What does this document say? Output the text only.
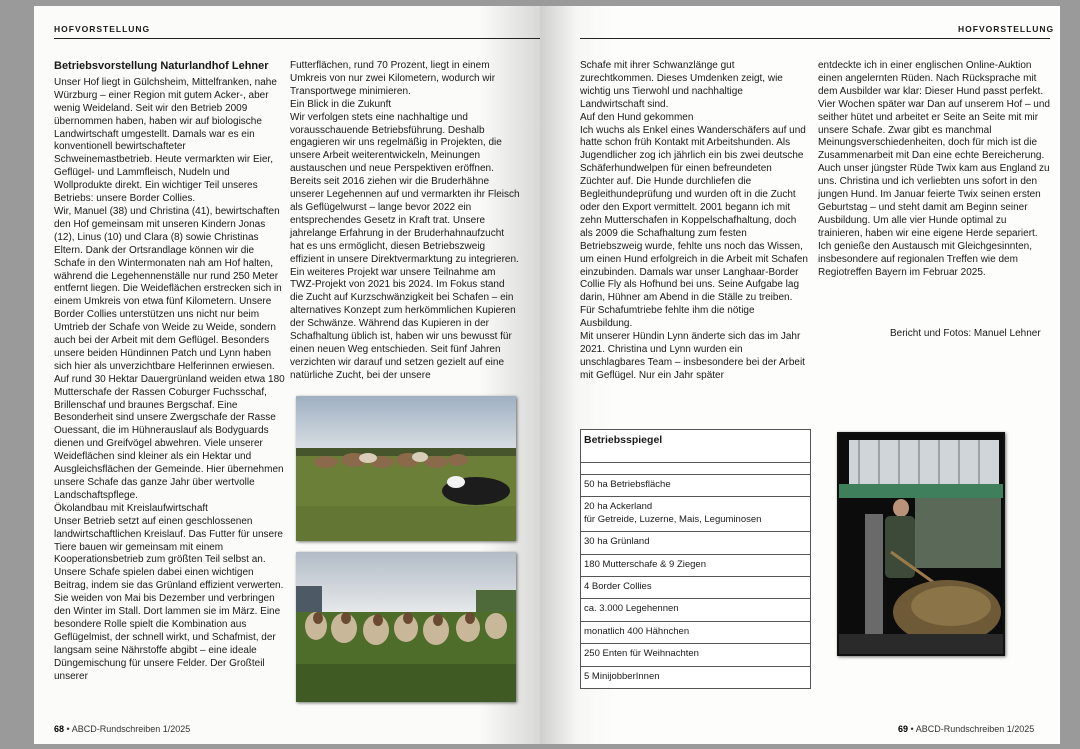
HOFVORSTELLUNG

Betriebsvorstellung Naturlandhof Lehner

Unser Hof liegt in Gülchsheim, Mittelfranken, nahe Würzburg – einer Region mit gutem Acker-, aber wenig Weideland. Seit wir den Betrieb 2009 übernommen haben, haben wir auf biologische Landwirtschaft umgestellt. Damals war es ein konventionell bewirtschafteter Schweinemastbetrieb. Heute vermarkten wir Eier, Geflügel- und Lammfleisch, Nudeln und Wollprodukte direkt. Ein wichtiger Teil unseres Betriebs: unsere Border Collies.

Wir, Manuel (38) und Christina (41), bewirtschaften den Hof gemeinsam mit unseren Kindern Jonas (12), Linus (10) und Clara (8) sowie Christinas Eltern. Dank der Ortsrandlage können wir die Schafe in den Wintermonaten nah am Hof halten, während die Legehennenställe nur rund 250 Meter entfernt liegen. Die Weideflächen erstrecken sich in einem Umkreis von etwa fünf Kilometern. Unsere Border Collies unterstützen uns nicht nur beim Umtrieb der Schafe von Weide zu Weide, sondern auch bei der Arbeit mit dem Geflügel. Besonders unsere beiden Hündinnen Patch und Lynn haben sich hier als unverzichtbare Helferinnen erwiesen.

Auf rund 30 Hektar Dauergrünland weiden etwa 180 Mutterschafe der Rassen Coburger Fuchsschaf, Brillenschaf und braunes Bergschaf. Eine Besonderheit sind unsere Zwergschafe der Rasse Ouessant, die im Hühnerauslauf als Bodyguards dienen und Greifvögel abwehren. Viele unserer Weideflächen sind kleiner als ein Hektar und Ausgleichsflächen der Gemeinde. Hier übernehmen unsere Schafe das ganze Jahr über wertvolle Landschaftspflege.

Ökolandbau mit Kreislaufwirtschaft

Unser Betrieb setzt auf einen geschlossenen landwirtschaftlichen Kreislauf. Das Futter für unsere Tiere bauen wir gemeinsam mit einem Kooperationsbetrieb zum größten Teil selbst an. Unsere Schafe spielen dabei einen wichtigen Beitrag, indem sie das Grünland effizient verwerten. Sie weiden von Mai bis Dezember und verbringen den Winter im Stall. Dort lammen sie im März. Eine besondere Rolle spielt die Kombination aus Geflügelmist, der schnell wirkt, und Schafmist, der langsam seine Nährstoffe abgibt – eine ideale Düngemischung für unsere Felder. Der Großteil unserer

Futterflächen, rund 70 Prozent, liegt in einem Umkreis von nur zwei Kilometern, wodurch wir Transportwege minimieren.

Ein Blick in die Zukunft

Wir verfolgen stets eine nachhaltige und vorausschauende Betriebsführung. Deshalb engagieren wir uns regelmäßig in Projekten, die unsere Arbeit weiterentwickeln, Meinungen austauschen und neue Perspektiven eröffnen. Bereits seit 2016 ziehen wir die Bruderhähne unserer Legehennen auf und vermarkten ihr Fleisch als Geflügelwurst – lange bevor 2022 ein entsprechendes Gesetz in Kraft trat. Unsere jahrelange Erfahrung in der Bruderhahnaufzucht hat es uns ermöglicht, diesen Betriebszweig effizient in unsere Direktvermarktung zu integrieren.

Ein weiteres Projekt war unsere Teilnahme am TWZ-Projekt von 2021 bis 2024. Im Fokus stand die Zucht auf Kurzschwänzigkeit bei Schafen – ein alternatives Konzept zum herkömmlichen Kupieren der Schwänze. Während das Kupieren in der Schafhaltung üblich ist, haben wir uns bewusst für einen neuen Weg entschieden. Seit fünf Jahren verzichten wir darauf und setzen gezielt auf eine natürliche Zucht, bei der unsere

68 • ABCD-Rundschreiben 1/2025
HOFVORSTELLUNG

Schafe mit ihrer Schwanzlänge gut zurechtkommen. Dieses Umdenken zeigt, wie wichtig uns Tierwohl und nachhaltige Landwirtschaft sind.

Auf den Hund gekommen

Ich wuchs als Enkel eines Wanderschäfers auf und hatte schon früh Kontakt mit Arbeitshunden. Als Jugendlicher zog ich jährlich ein bis zwei deutsche Schäferhundwelpen für einen befreundeten Züchter auf. Die Hunde durchliefen die Begleithundeprüfung und wurden oft in die Zucht oder den Export vermittelt. 2001 begann ich mit zehn Mutterschafen in Koppelschafhaltung, doch als 2009 die Schafhaltung zum festen Betriebszweig wurde, fehlte uns noch das Wissen, um einen Hund erfolgreich in die Arbeit mit Schafen einzubinden. Damals war unser Langhaar-Border Collie Fly als Hofhund bei uns. Seine Aufgabe lag darin, Hühner am Abend in die Ställe zu treiben. Für Schafumtriebe fehlte ihm die nötige Ausbildung.

Mit unserer Hündin Lynn änderte sich das im Jahr 2021. Christina und Lynn wurden ein unschlagbares Team – insbesondere bei der Arbeit mit Geflügel. Nur ein Jahr später

entdeckte ich in einer englischen Online-Auktion einen angelernten Rüden. Nach Rücksprache mit dem Ausbilder war klar: Dieser Hund passt perfekt. Vier Wochen später war Dan auf unserem Hof – und seither hütet und arbeitet er Seite an Seite mit mir unsere Schafe. Zwar gibt es manchmal Meinungsverschiedenheiten, doch für mich ist die Zusammenarbeit mit Dan eine echte Bereicherung.

Auch unser jüngster Rüde Twix kam aus England zu uns. Christina und ich verliebten uns sofort in den jungen Hund. Im Januar feierte Twix seinen ersten Geburtstag – und steht damit am Beginn seiner Ausbildung. Um alle vier Hunde optimal zu trainieren, haben wir eine eigene Herde separiert. Ich genieße den Austausch mit Gleichgesinnten, insbesondere auf regionalen Treffen wie dem Regiotreffen Bayern im Februar 2025.

Bericht und Fotos: Manuel Lehner
Betriebsspiegel
50 ha Betriebsfläche
20 ha Ackerland
für Getreide, Luzerne, Mais, Leguminosen
30 ha Grünland
180 Mutterschafe & 9 Ziegen
4 Border Collies
ca. 3.000 Legehennen
monatlich 400 Hähnchen
250 Enten für Weihnachten
5 MinijobberInnen
69 • ABCD-Rundschreiben 1/2025
